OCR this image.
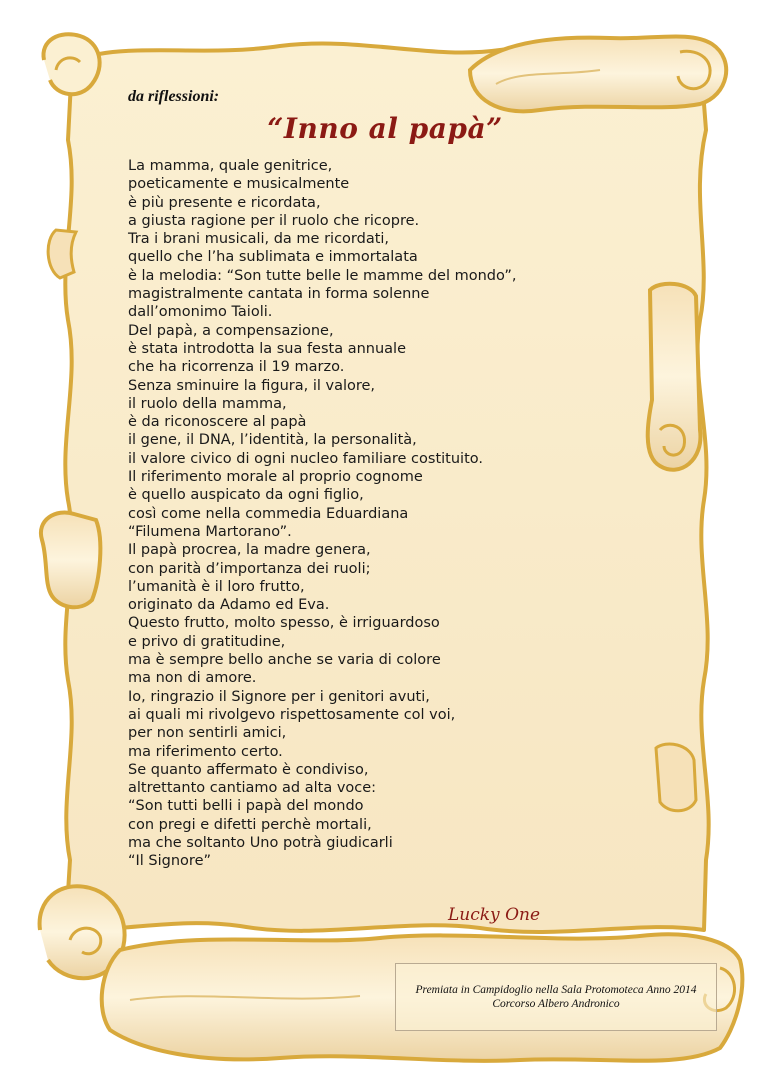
da riflessioni:

“Inno al papà”
La mamma, quale genitrice,
poeticamente e musicalmente
è più presente e ricordata,
a giusta ragione per il ruolo che ricopre.
Tra i brani musicali, da me ricordati,
quello che l’ha sublimata e immortalata
è la melodia: “Son tutte belle le mamme del mondo”,
magistralmente cantata in forma solenne
dall’omonimo Taioli.
Del papà, a compensazione,
è stata introdotta la sua festa annuale
che ha ricorrenza il 19 marzo.
Senza sminuire la figura, il valore,
il ruolo della mamma,
è da riconoscere al papà
il gene, il DNA, l’identità, la personalità,
il valore civico di ogni nucleo familiare costituito.
Il riferimento morale al proprio cognome
è quello auspicato da ogni figlio,
così come nella commedia Eduardiana
“Filumena Martorano”.
Il papà procrea, la madre genera,
con parità d’importanza dei ruoli;
l’umanità è il loro frutto,
originato da Adamo ed Eva.
Questo frutto, molto spesso, è irriguardoso
e privo di gratitudine,
ma è sempre bello anche se varia di colore
ma non di amore.
Io, ringrazio il Signore per i genitori avuti,
ai quali mi rivolgevo rispettosamente col voi,
per non sentirli amici,
ma riferimento certo.
Se quanto affermato è condiviso,
altrettanto cantiamo ad alta voce:
“Son tutti belli i papà del mondo
con pregi e difetti perchè mortali,
ma che soltanto Uno potrà giudicarli
“Il Signore”

Lucky One

Premiata in Campidoglio nella Sala Protomoteca Anno 2014
Corcorso Albero Andronico
